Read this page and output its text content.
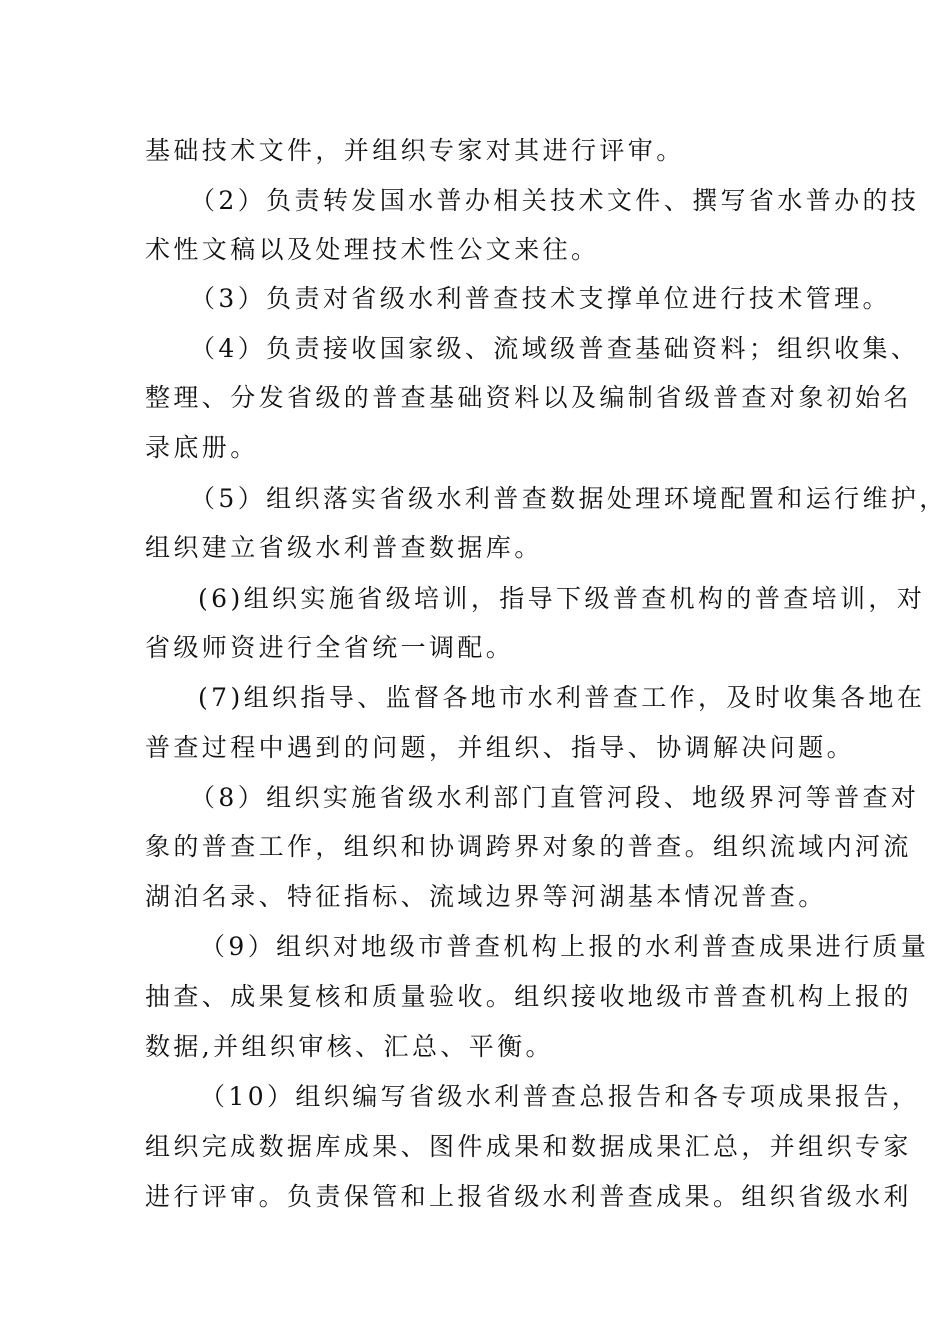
基础技术文件，并组织专家对其进行评审。
（2）负责转发国水普办相关技术文件、撰写省水普办的技
术性文稿以及处理技术性公文来往。
（3）负责对省级水利普查技术支撑单位进行技术管理。
（4）负责接收国家级、流域级普查基础资料；组织收集、
整理、分发省级的普查基础资料以及编制省级普查对象初始名
录底册。
（5）组织落实省级水利普查数据处理环境配置和运行维护，
组织建立省级水利普查数据库。
(6)组织实施省级培训，指导下级普查机构的普查培训，对
省级师资进行全省统一调配。
(7)组织指导、监督各地市水利普查工作，及时收集各地在
普查过程中遇到的问题，并组织、指导、协调解决问题。
（8）组织实施省级水利部门直管河段、地级界河等普查对
象的普查工作，组织和协调跨界对象的普查。组织流域内河流
湖泊名录、特征指标、流域边界等河湖基本情况普查。
（9）组织对地级市普查机构上报的水利普查成果进行质量
抽查、成果复核和质量验收。组织接收地级市普查机构上报的
数据,并组织审核、汇总、平衡。
（10）组织编写省级水利普查总报告和各专项成果报告，
组织完成数据库成果、图件成果和数据成果汇总，并组织专家
进行评审。负责保管和上报省级水利普查成果。组织省级水利
